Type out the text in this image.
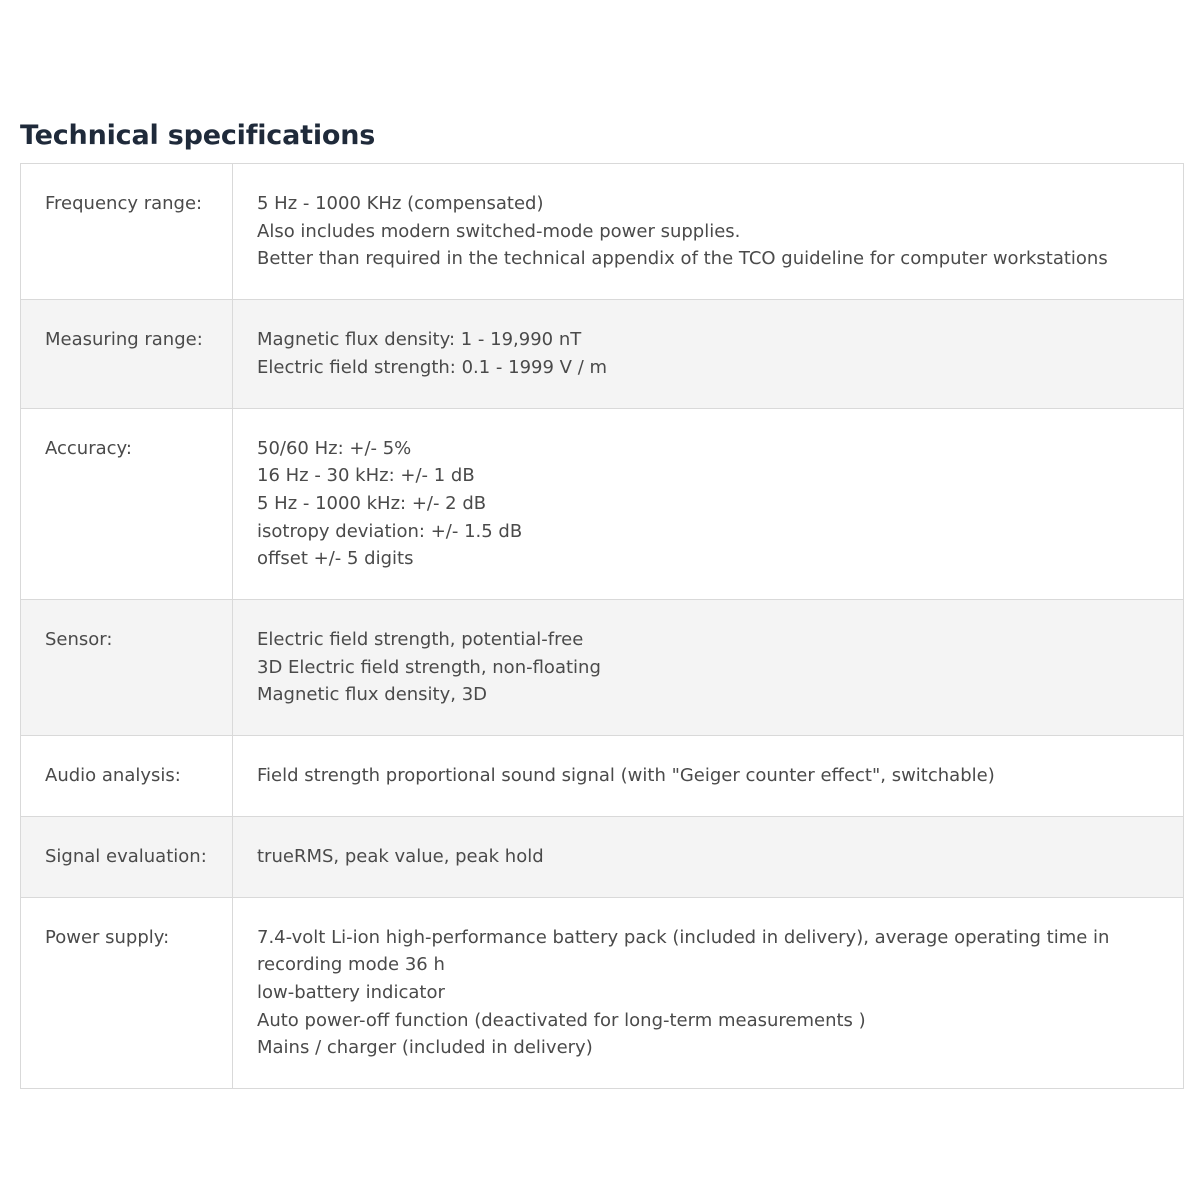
Technical specifications
Frequency range:	5 Hz - 1000 KHz (compensated)
Also includes modern switched-mode power supplies.
Better than required in the technical appendix of the TCO guideline for computer workstations

Measuring range:	Magnetic flux density: 1 - 19,990 nT
Electric field strength: 0.1 - 1999 V / m

Accuracy:	50/60 Hz: +/- 5%
16 Hz - 30 kHz: +/- 1 dB
5 Hz - 1000 kHz: +/- 2 dB
isotropy deviation: +/- 1.5 dB
offset +/- 5 digits

Sensor:	Electric field strength, potential-free
3D Electric field strength, non-floating
Magnetic flux density, 3D

Audio analysis:	Field strength proportional sound signal (with "Geiger counter effect", switchable)

Signal evaluation:	trueRMS, peak value, peak hold

Power supply:	7.4-volt Li-ion high-performance battery pack (included in delivery), average operating time in recording mode 36 h
low-battery indicator
Auto power-off function (deactivated for long-term measurements )
Mains / charger (included in delivery)
